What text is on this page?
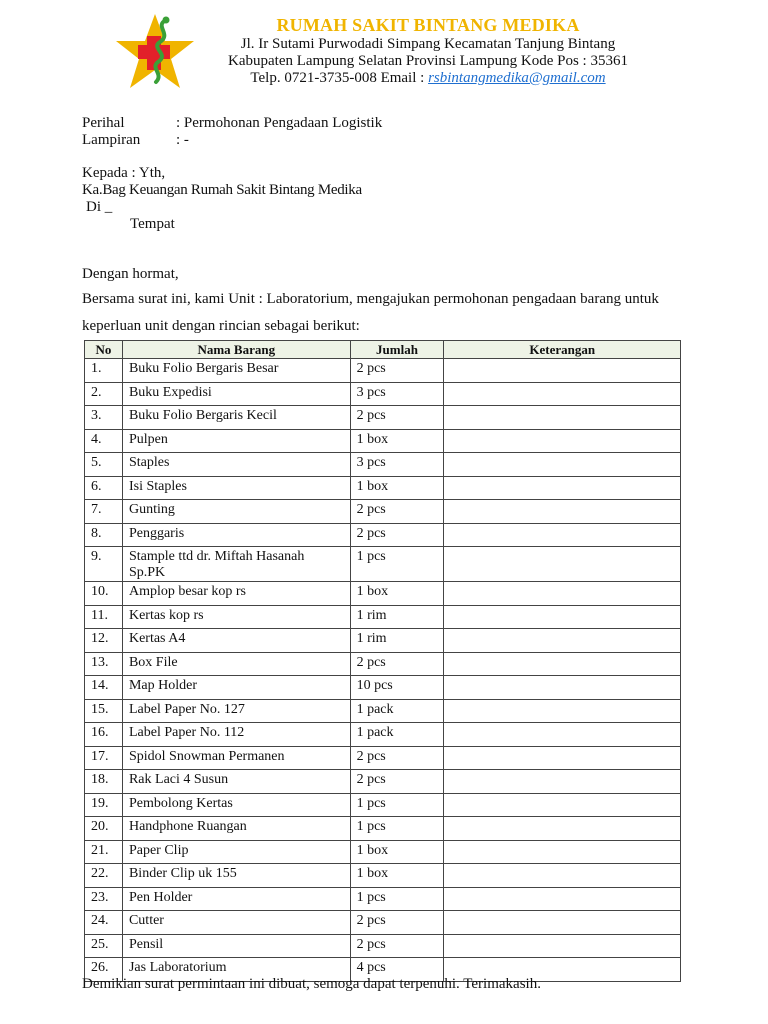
RUMAH SAKIT BINTANG MEDIKA
Jl. Ir Sutami Purwodadi Simpang Kecamatan Tanjung Bintang
Kabupaten Lampung Selatan Provinsi Lampung Kode Pos : 35361
Telp. 0721-3735-008 Email : rsbintangmedika@gmail.com
Perihal	: Permohonan Pengadaan Logistik
Lampiran : -
Kepada : Yth,
Ka.Bag Keuangan Rumah Sakit Bintang Medika
Di _
Tempat
Dengan hormat,
Bersama surat ini, kami Unit : Laboratorium, mengajukan permohonan pengadaan barang untuk
keperluan unit dengan rincian sebagai berikut:
No	Nama Barang	Jumlah	Keterangan
1.	Buku Folio Bergaris Besar	2 pcs	
2.	Buku Expedisi	3 pcs	
3.	Buku Folio Bergaris Kecil	2 pcs	
4.	Pulpen	1 box	
5.	Staples	3 pcs	
6.	Isi Staples	1 box	
7.	Gunting	2 pcs	
8.	Penggaris	2 pcs	
9.	Stample ttd dr. Miftah Hasanah Sp.PK	1 pcs	
10.	Amplop besar kop rs	1 box	
11.	Kertas kop rs	1 rim	
12.	Kertas A4	1 rim	
13.	Box File	2 pcs	
14.	Map Holder	10 pcs	
15.	Label Paper No. 127	1 pack	
16.	Label Paper No. 112	1 pack	
17.	Spidol Snowman Permanen	2 pcs	
18.	Rak Laci 4 Susun	2 pcs	
19.	Pembolong Kertas	1 pcs	
20.	Handphone Ruangan	1 pcs	
21.	Paper Clip	1 box	
22.	Binder Clip uk 155	1 box	
23.	Pen Holder	1 pcs	
24.	Cutter	2 pcs	
25.	Pensil	2 pcs	
26.	Jas Laboratorium	4 pcs	
Demikian surat permintaan ini dibuat, semoga dapat terpenuhi. Terimakasih.
